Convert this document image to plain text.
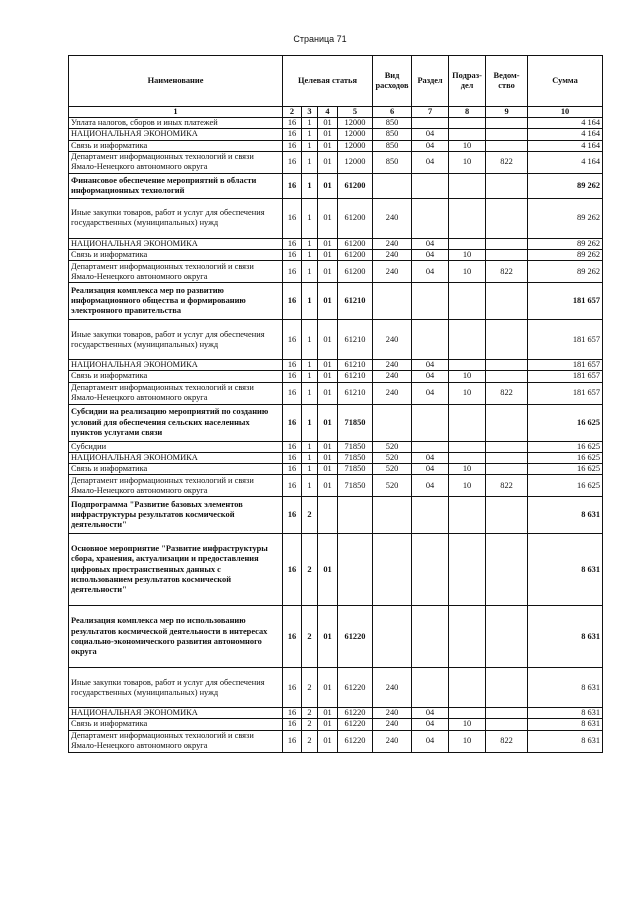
Страница 71
Наименование	Целевая статья				Вид расходов	Раздел	Подраз-дел	Ведом-ство	Сумма
1	2	3	4	5	6	7	8	9	10
Уплата налогов, сборов и иных платежей	16	1	01	12000	850				4 164
НАЦИОНАЛЬНАЯ ЭКОНОМИКА	16	1	01	12000	850	04			4 164
Связь и информатика	16	1	01	12000	850	04	10		4 164
Департамент информационных технологий и связи Ямало-Ненецкого автономного округа	16	1	01	12000	850	04	10	822	4 164
Финансовое обеспечение мероприятий в области информационных технологий	16	1	01	61200					89 262
Иные закупки товаров, работ и услуг для обеспечения государственных (муниципальных) нужд	16	1	01	61200	240				89 262
НАЦИОНАЛЬНАЯ ЭКОНОМИКА	16	1	01	61200	240	04			89 262
Связь и информатика	16	1	01	61200	240	04	10		89 262
Департамент информационных технологий и связи Ямало-Ненецкого автономного округа	16	1	01	61200	240	04	10	822	89 262
Реализация комплекса мер по развитию информационного общества и формированию электронного правительства	16	1	01	61210					181 657
Иные закупки товаров, работ и услуг для обеспечения государственных (муниципальных) нужд	16	1	01	61210	240				181 657
НАЦИОНАЛЬНАЯ ЭКОНОМИКА	16	1	01	61210	240	04			181 657
Связь и информатика	16	1	01	61210	240	04	10		181 657
Департамент информационных технологий и связи Ямало-Ненецкого автономного округа	16	1	01	61210	240	04	10	822	181 657
Субсидии на реализацию мероприятий по созданию условий для обеспечения сельских населенных пунктов услугами связи	16	1	01	71850					16 625
Субсидии	16	1	01	71850	520				16 625
НАЦИОНАЛЬНАЯ ЭКОНОМИКА	16	1	01	71850	520	04			16 625
Связь и информатика	16	1	01	71850	520	04	10		16 625
Департамент информационных технологий и связи Ямало-Ненецкого автономного округа	16	1	01	71850	520	04	10	822	16 625
Подпрограмма "Развитие базовых элементов инфраструктуры результатов космической деятельности"	16	2							8 631
Основное мероприятие "Развитие инфраструктуры сбора, хранения, актуализации и предоставления цифровых пространственных данных с использованием результатов космической деятельности"	16	2	01						8 631
Реализация комплекса мер по использованию результатов космической деятельности в интересах социально-экономического развития автономного округа	16	2	01	61220					8 631
Иные закупки товаров, работ и услуг для обеспечения государственных (муниципальных) нужд	16	2	01	61220	240				8 631
НАЦИОНАЛЬНАЯ ЭКОНОМИКА	16	2	01	61220	240	04			8 631
Связь и информатика	16	2	01	61220	240	04	10		8 631
Департамент информационных технологий и связи Ямало-Ненецкого автономного округа	16	2	01	61220	240	04	10	822	8 631
